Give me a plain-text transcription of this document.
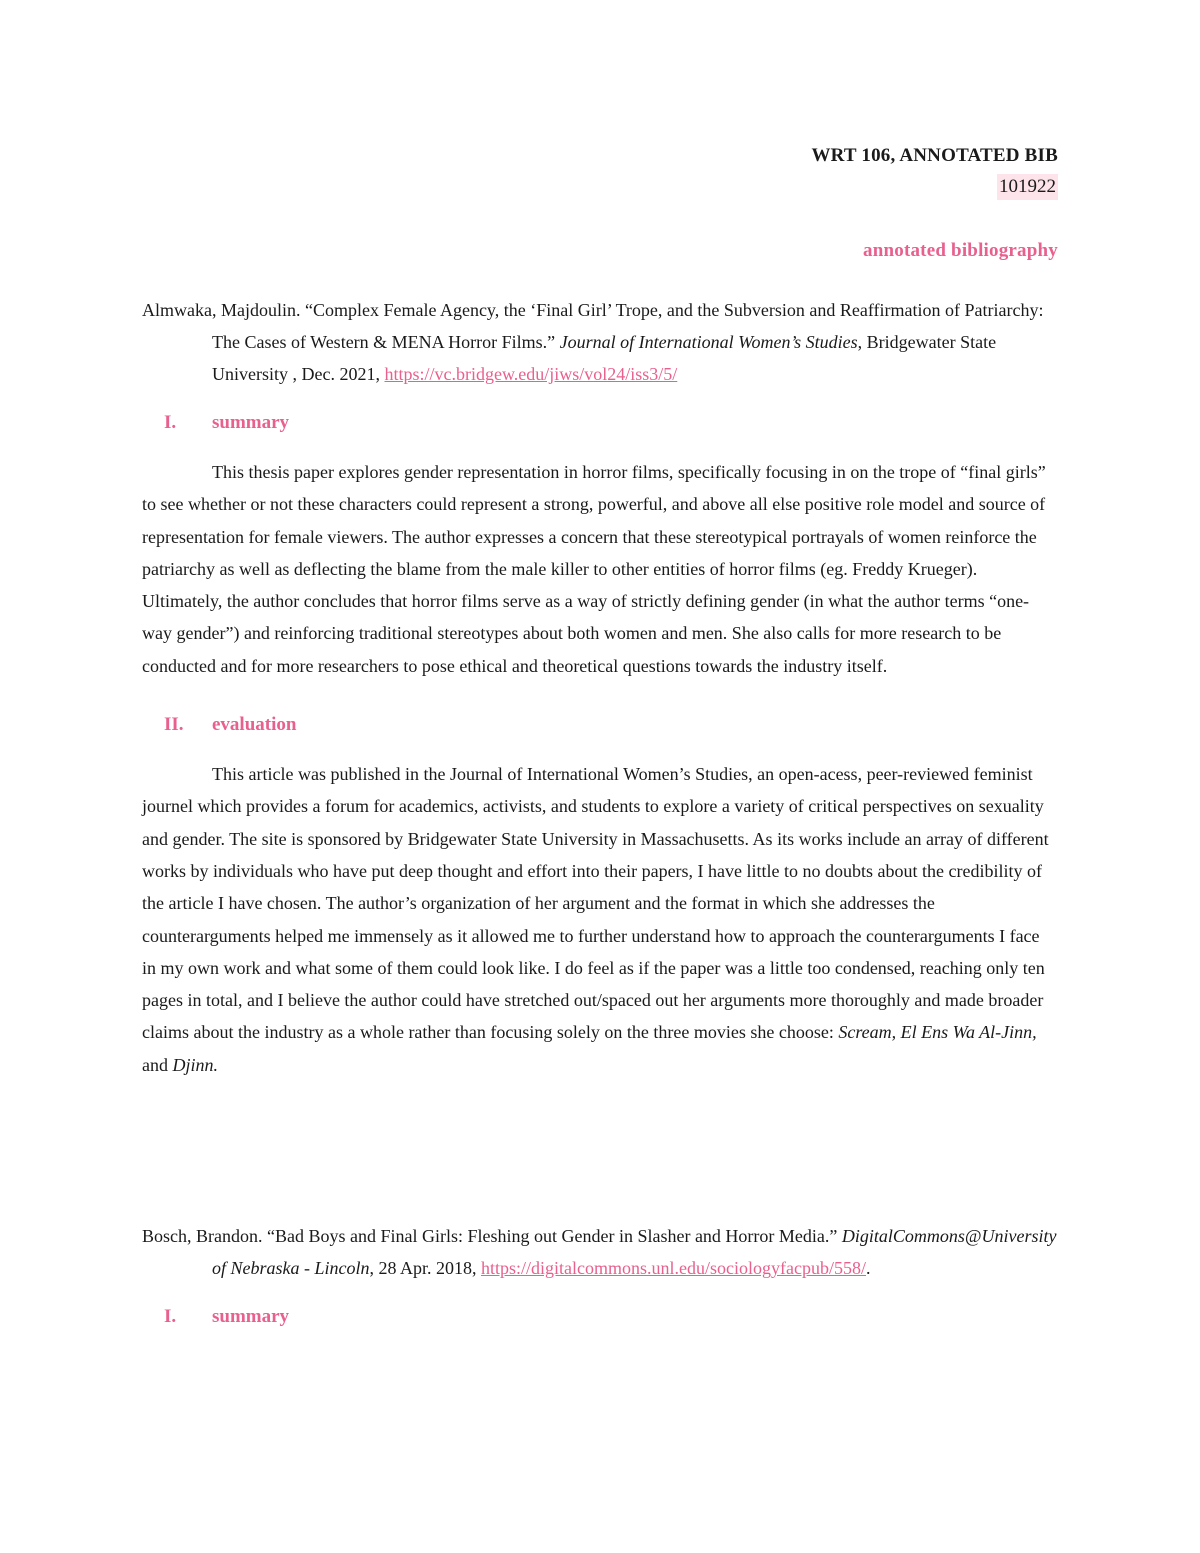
WRT 106, ANNOTATED BIB
101922
annotated bibliography
Almwaka, Majdoulin. “Complex Female Agency, the ‘Final Girl’ Trope, and the Subversion and Reaffirmation of Patriarchy: The Cases of Western & MENA Horror Films.” Journal of International Women’s Studies, Bridgewater State University , Dec. 2021, https://vc.bridgew.edu/jiws/vol24/iss3/5/
I.	summary
This thesis paper explores gender representation in horror films, specifically focusing in on the trope of “final girls” to see whether or not these characters could represent a strong, powerful, and above all else positive role model and source of representation for female viewers. The author expresses a concern that these stereotypical portrayals of women reinforce the patriarchy as well as deflecting the blame from the male killer to other entities of horror films (eg. Freddy Krueger). Ultimately, the author concludes that horror films serve as a way of strictly defining gender (in what the author terms “one-way gender”) and reinforcing traditional stereotypes about both women and men. She also calls for more research to be conducted and for more researchers to pose ethical and theoretical questions towards the industry itself.
II.	evaluation
This article was published in the Journal of International Women’s Studies, an open-acess, peer-reviewed feminist journel which provides a forum for academics, activists, and students to explore a variety of critical perspectives on sexuality and gender. The site is sponsored by Bridgewater State University in Massachusetts. As its works include an array of different works by individuals who have put deep thought and effort into their papers, I have little to no doubts about the credibility of the article I have chosen. The author’s organization of her argument and the format in which she addresses the counterarguments helped me immensely as it allowed me to further understand how to approach the counterarguments I face in my own work and what some of them could look like. I do feel as if the paper was a little too condensed, reaching only ten pages in total, and I believe the author could have stretched out/spaced out her arguments more thoroughly and made broader claims about the industry as a whole rather than focusing solely on the three movies she choose: Scream, El Ens Wa Al-Jinn, and Djinn.
Bosch, Brandon. “Bad Boys and Final Girls: Fleshing out Gender in Slasher and Horror Media.” DigitalCommons@University of Nebraska - Lincoln, 28 Apr. 2018, https://digitalcommons.unl.edu/sociologyfacpub/558/.
I.	summary
